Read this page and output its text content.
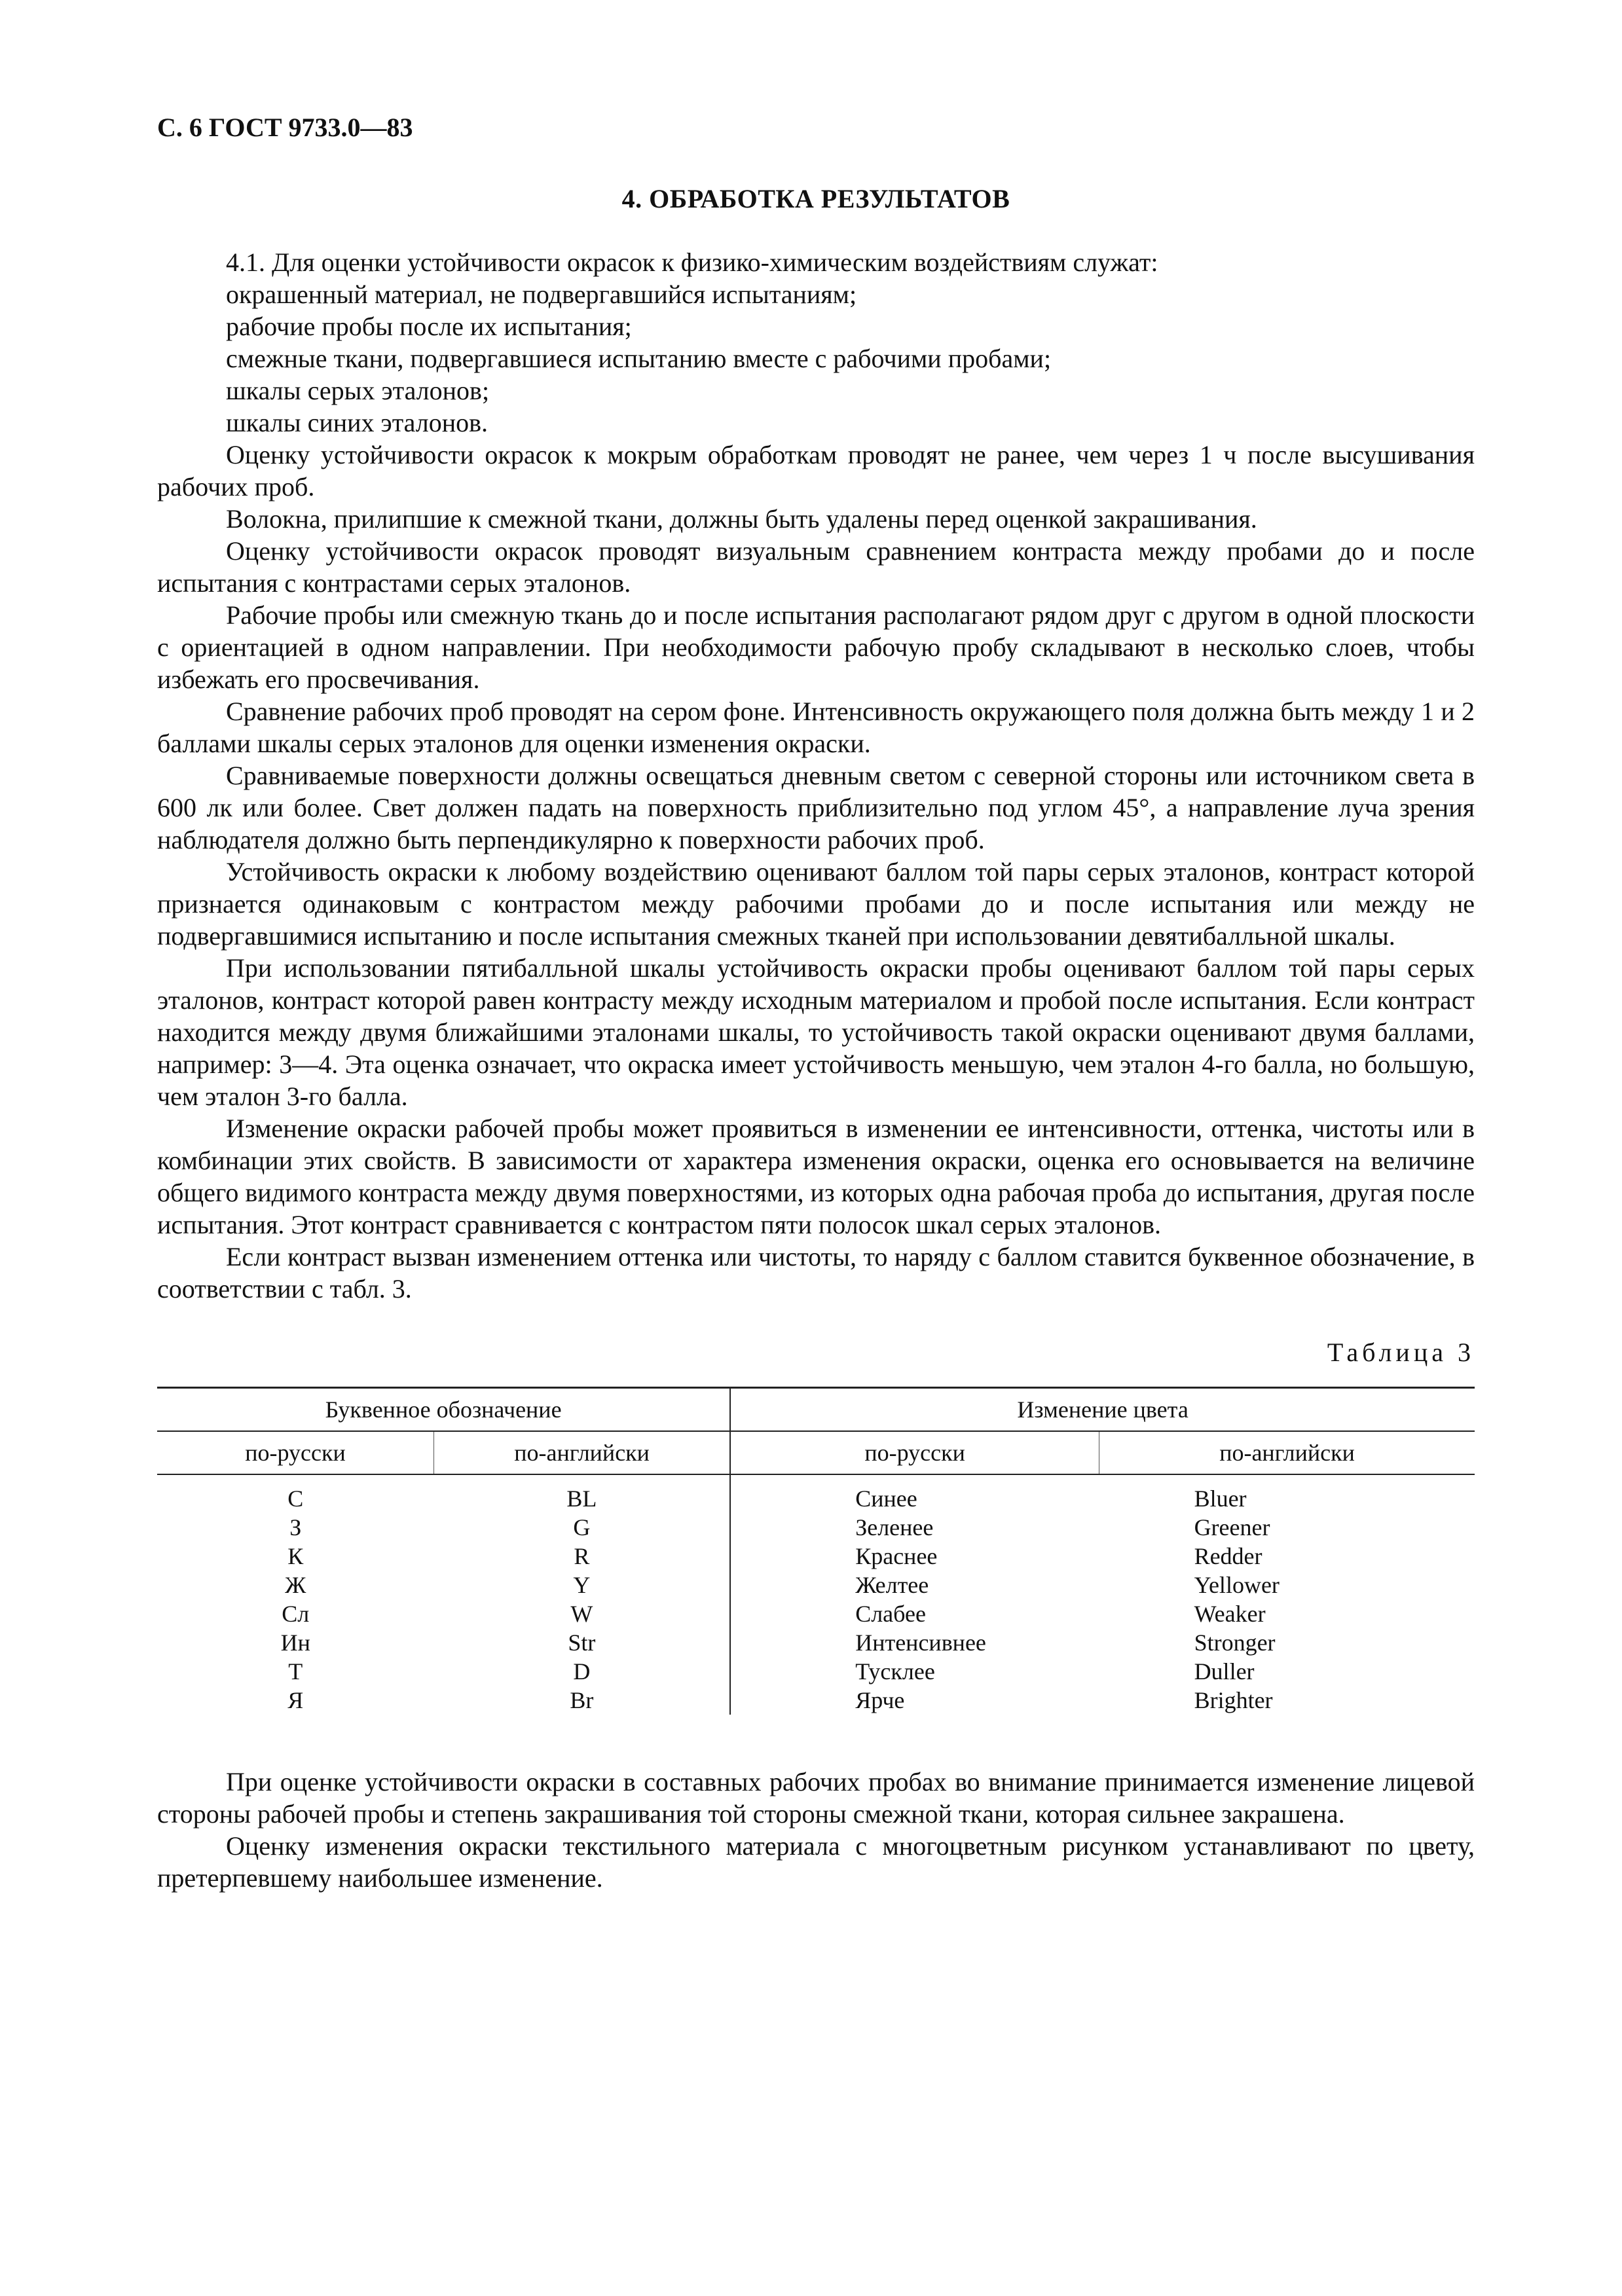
С. 6 ГОСТ 9733.0—83
4. ОБРАБОТКА РЕЗУЛЬТАТОВ

4.1. Для оценки устойчивости окрасок к физико-химическим воздействиям служат:

окрашенный материал, не подвергавшийся испытаниям;

рабочие пробы после их испытания;

смежные ткани, подвергавшиеся испытанию вместе с рабочими пробами;

шкалы серых эталонов;

шкалы синих эталонов.

Оценку устойчивости окрасок к мокрым обработкам проводят не ранее, чем через 1 ч после высушивания рабочих проб.

Волокна, прилипшие к смежной ткани, должны быть удалены перед оценкой закрашивания.

Оценку устойчивости окрасок проводят визуальным сравнением контраста между пробами до и после испытания с контрастами серых эталонов.

Рабочие пробы или смежную ткань до и после испытания располагают рядом друг с другом в одной плоскости с ориентацией в одном направлении. При необходимости рабочую пробу складывают в несколько слоев, чтобы избежать его просвечивания.

Сравнение рабочих проб проводят на сером фоне. Интенсивность окружающего поля должна быть между 1 и 2 баллами шкалы серых эталонов для оценки изменения окраски.

Сравниваемые поверхности должны освещаться дневным светом с северной стороны или источником света в 600 лк или более. Свет должен падать на поверхность приблизительно под углом 45°, а направление луча зрения наблюдателя должно быть перпендикулярно к поверхности рабочих проб.

Устойчивость окраски к любому воздействию оценивают баллом той пары серых эталонов, контраст которой признается одинаковым с контрастом между рабочими пробами до и после испытания или между не подвергавшимися испытанию и после испытания смежных тканей при использовании девятибалльной шкалы.

При использовании пятибалльной шкалы устойчивость окраски пробы оценивают баллом той пары серых эталонов, контраст которой равен контрасту между исходным материалом и пробой после испытания. Если контраст находится между двумя ближайшими эталонами шкалы, то устойчивость такой окраски оценивают двумя баллами, например: 3—4. Эта оценка означает, что окраска имеет устойчивость меньшую, чем эталон 4-го балла, но большую, чем эталон 3-го балла.

Изменение окраски рабочей пробы может проявиться в изменении ее интенсивности, оттенка, чистоты или в комбинации этих свойств. В зависимости от характера изменения окраски, оценка его основывается на величине общего видимого контраста между двумя поверхностями, из которых одна рабочая проба до испытания, другая после испытания. Этот контраст сравнивается с контрастом пяти полосок шкал серых эталонов.

Если контраст вызван изменением оттенка или чистоты, то наряду с баллом ставится буквенное обозначение, в соответствии с табл. 3.

Таблица 3
Буквенное обозначение		Изменение цвета	
по-русски	по-английски	по-русски	по-английски
С	BL	Синее	Bluer
З	G	Зеленее	Greener
К	R	Краснее	Redder
Ж	Y	Желтее	Yellower
Сл	W	Слабее	Weaker
Ин	Str	Интенсивнее	Stronger
Т	D	Тусклее	Duller
Я	Br	Ярче	Brighter

При оценке устойчивости окраски в составных рабочих пробах во внимание принимается изменение лицевой стороны рабочей пробы и степень закрашивания той стороны смежной ткани, которая сильнее закрашена.

Оценку изменения окраски текстильного материала с многоцветным рисунком устанавливают по цвету, претерпевшему наибольшее изменение.
